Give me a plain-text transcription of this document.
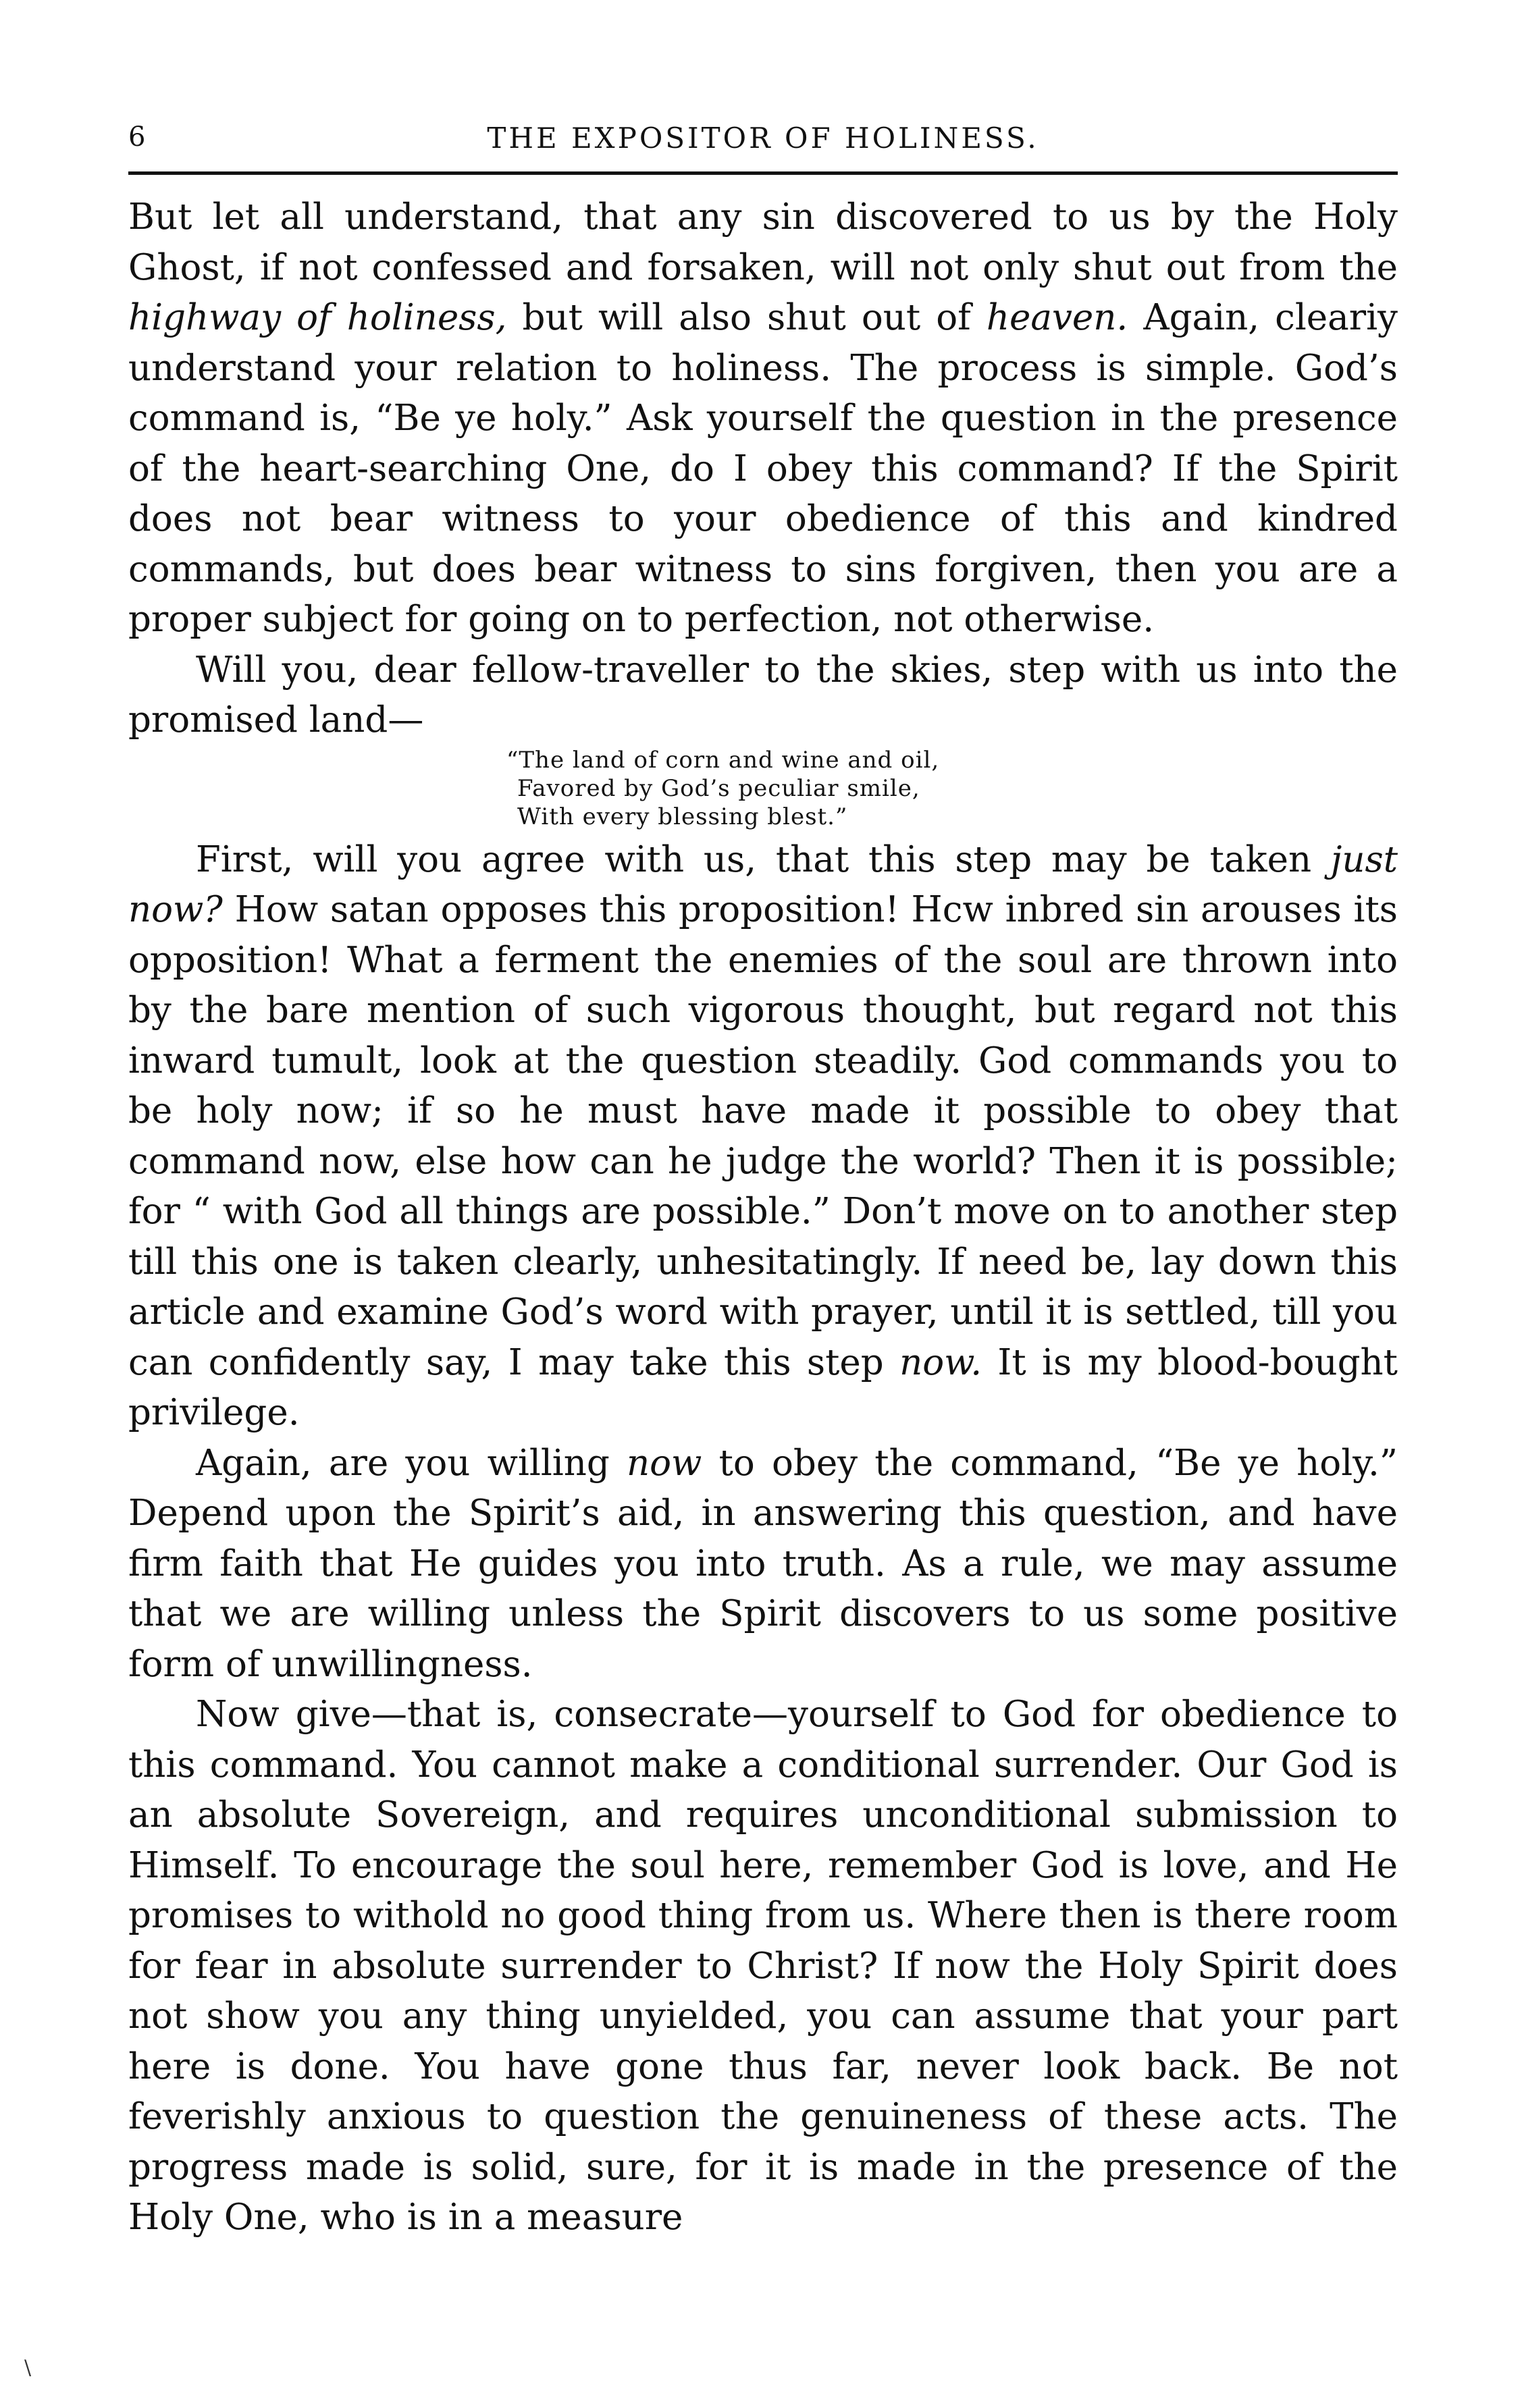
6	THE EXPOSITOR OF HOLINESS.

But let all understand, that any sin discovered to us by the Holy Ghost, if not confessed and forsaken, will not only shut out from the highway of holiness, but will also shut out of heaven. Again, cleariy understand your relation to holiness. The process is simple. God’s command is, “Be ye holy.” Ask yourself the question in the presence of the heart-searching One, do I obey this command? If the Spirit does not bear witness to your obedience of this and kindred commands, but does bear witness to sins forgiven, then you are a proper subject for going on to perfection, not otherwise.

Will you, dear fellow-traveller to the skies, step with us into the promised land—

“The land of corn and wine and oil,
Favored by God’s peculiar smile,
With every blessing blest.”

First, will you agree with us, that this step may be taken just now? How satan opposes this proposition! Hcw inbred sin arouses its opposition! What a ferment the enemies of the soul are thrown into by the bare mention of such vigorous thought, but regard not this inward tumult, look at the question steadily. God commands you to be holy now; if so he must have made it possible to obey that command now, else how can he judge the world? Then it is possible; for “ with God all things are possible.” Don’t move on to another step till this one is taken clearly, unhesitatingly. If need be, lay down this article and examine God’s word with prayer, until it is settled, till you can confidently say, I may take this step now. It is my blood-bought privilege.

Again, are you willing now to obey the command, “Be ye holy.” Depend upon the Spirit’s aid, in answering this question, and have firm faith that He guides you into truth. As a rule, we may assume that we are willing unless the Spirit discovers to us some positive form of unwillingness.

Now give—that is, consecrate—yourself to God for obedience to this command. You cannot make a conditional surrender. Our God is an absolute Sovereign, and requires unconditional submission to Himself. To encourage the soul here, remember God is love, and He promises to withold no good thing from us. Where then is there room for fear in absolute surrender to Christ? If now the Holy Spirit does not show you any thing unyielded, you can assume that your part here is done. You have gone thus far, never look back. Be not feverishly anxious to question the genuineness of these acts. The progress made is solid, sure, for it is made in the presence of the Holy One, who is in a measure

\
